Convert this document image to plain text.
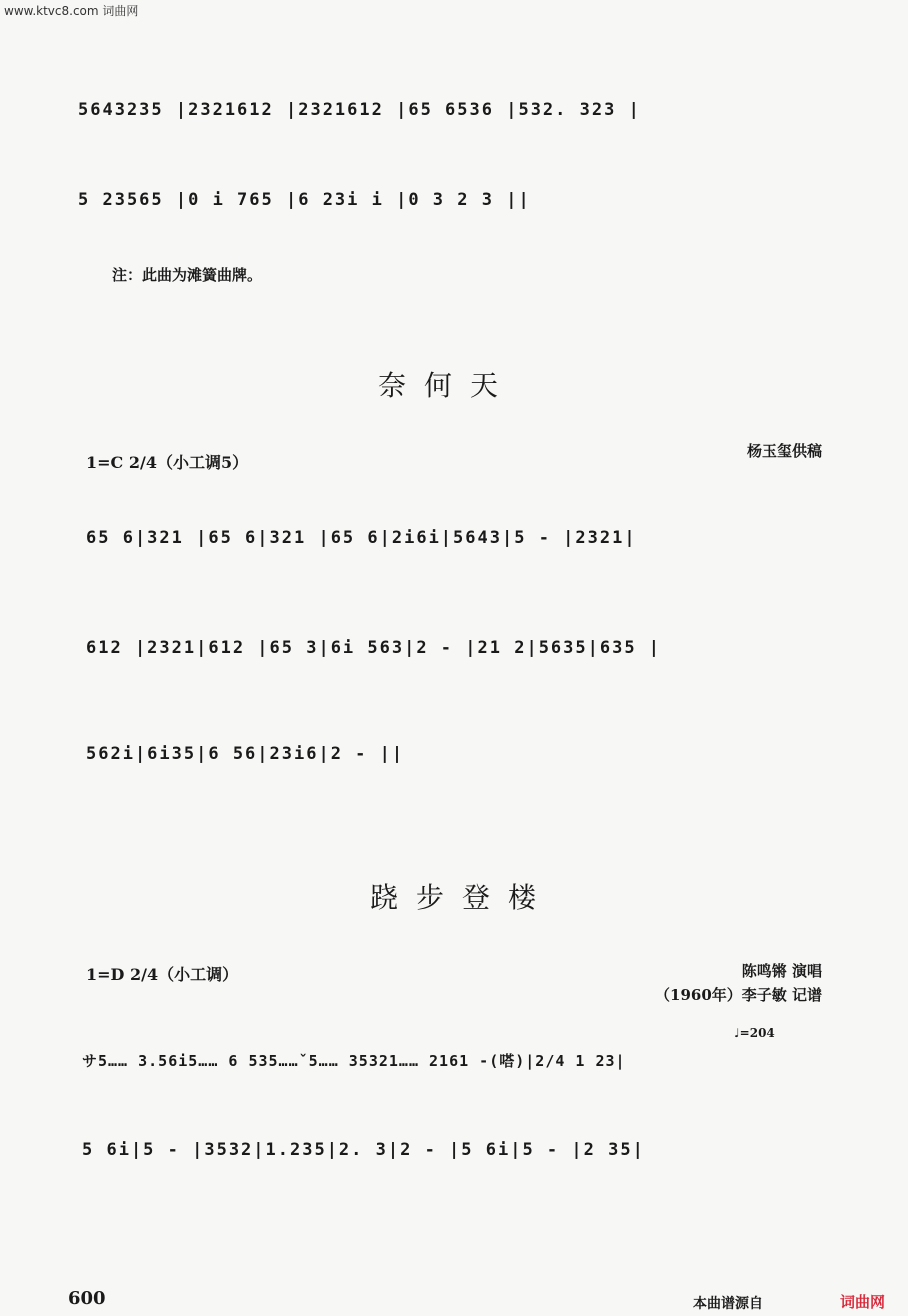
www.ktvc8.com 词曲网
5643235 |2321612 |2321612 |65 6536 |532. 323 |
5 23565 |0 i 765 |6 23i i |0 3 2 3 ||
注：此曲为滩簧曲牌。
奈何天
1=C 2/4（小工调5）
杨玉玺供稿
65 6|321 |65 6|321 |65 6|2i6i|5643|5 - |2321|
612 |2321|612 |65 3|6i 563|2 - |21 2|5635|635 |
562i|6i35|6 56|23i6|2 - ||
跷步登楼
1=D 2/4（小工调）	陈鸣锵 演唱
（1960年）李子敏 记谱
♩=204
サ5…… 3.56i5…… 6 535……ˇ5…… 35321…… 2161 -(嗒)|2/4 1 23|
5 6i|5 - |3532|1.235|2. 3|2 - |5 6i|5 - |2 35|
600	本曲谱源自	词曲网
